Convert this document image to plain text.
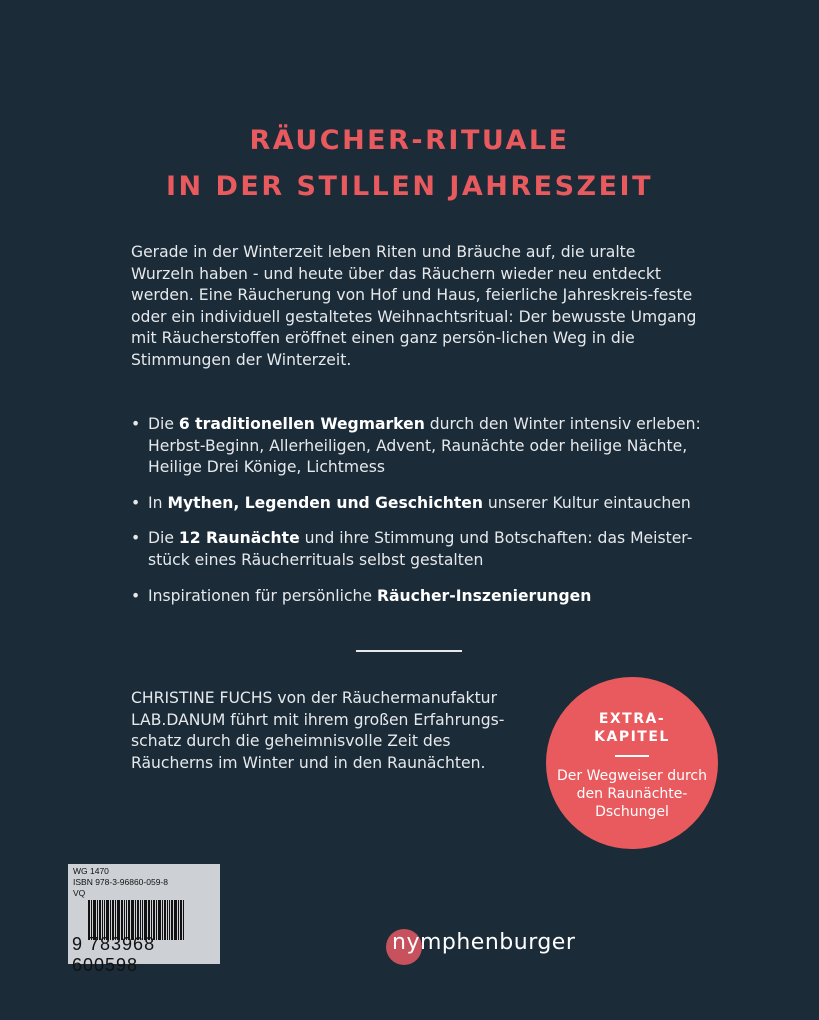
RÄUCHER-RITUALE
IN DER STILLEN JAHRESZEIT
Gerade in der Winterzeit leben Riten und Bräuche auf, die uralte Wurzeln haben - und heute über das Räuchern wieder neu entdeckt werden. Eine Räucherung von Hof und Haus, feierliche Jahreskreis-feste oder ein individuell gestaltetes Weihnachtsritual: Der bewusste Umgang mit Räucherstoffen eröffnet einen ganz persön-lichen Weg in die Stimmungen der Winterzeit.
• Die 6 traditionellen Wegmarken durch den Winter intensiv erleben: Herbst-Beginn, Allerheiligen, Advent, Raunächte oder heilige Nächte, Heilige Drei Könige, Lichtmess
• In Mythen, Legenden und Geschichten unserer Kultur eintauchen
• Die 12 Raunächte und ihre Stimmung und Botschaften: das Meister-stück eines Räucherrituals selbst gestalten
• Inspirationen für persönliche Räucher-Inszenierungen
CHRISTINE FUCHS von der Räuchermanufaktur LAB.DANUM führt mit ihrem großen Erfahrungs-schatz durch die geheimnisvolle Zeit des Räucherns im Winter und in den Raunächten.
EXTRA-
KAPITEL
Der Wegweiser durch
den Raunächte-
Dschungel
WG 1470
ISBN 978-3-96860-059-8
VQ
9 783968 600598
nymphenburger
